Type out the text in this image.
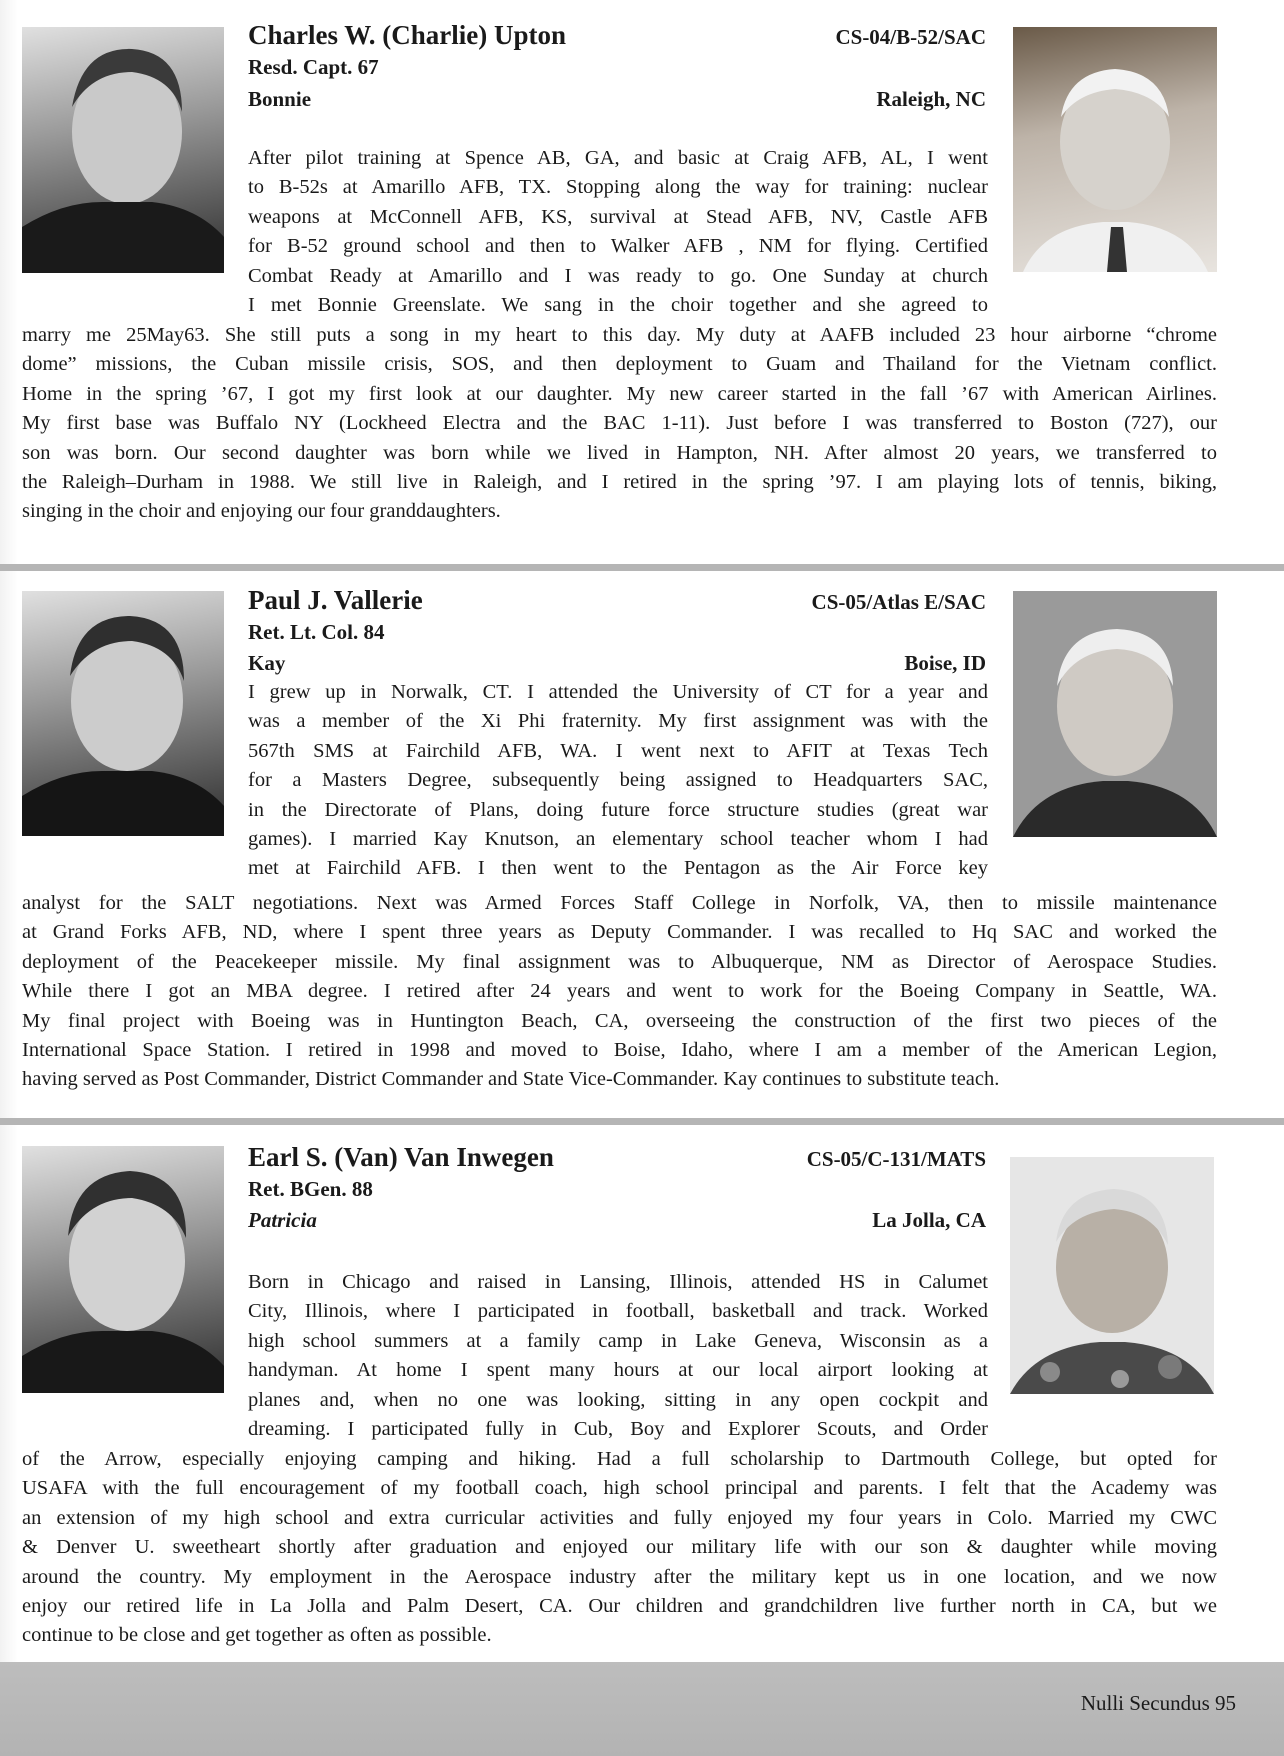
Charles W. (Charlie) Upton	CS-04/B-52/SAC
Resd. Capt. 67
Bonnie	Raleigh, NC
After pilot training at Spence AB, GA, and basic at Craig AFB, AL, I went
to B-52s at Amarillo AFB, TX. Stopping along the way for training: nuclear
weapons at McConnell AFB, KS, survival at Stead AFB, NV, Castle AFB
for B-52 ground school and then to Walker AFB , NM for flying. Certified
Combat Ready at Amarillo and I was ready to go. One Sunday at church
I met Bonnie Greenslate. We sang in the choir together and she agreed to
marry me 25May63. She still puts a song in my heart to this day. My duty at AAFB included 23 hour airborne “chrome
dome” missions, the Cuban missile crisis, SOS, and then deployment to Guam and Thailand for the Vietnam conflict.
Home in the spring ’67, I got my first look at our daughter. My new career started in the fall ’67 with American Airlines.
My first base was Buffalo NY (Lockheed Electra and the BAC 1-11). Just before I was transferred to Boston (727), our
son was born. Our second daughter was born while we lived in Hampton, NH. After almost 20 years, we transferred to
the Raleigh–Durham in 1988. We still live in Raleigh, and I retired in the spring ’97. I am playing lots of tennis, biking,
singing in the choir and enjoying our four granddaughters.
Paul J. Vallerie	CS-05/Atlas E/SAC
Ret. Lt. Col. 84
Kay	Boise, ID
I grew up in Norwalk, CT. I attended the University of CT for a year and
was a member of the Xi Phi fraternity. My first assignment was with the
567th SMS at Fairchild AFB, WA. I went next to AFIT at Texas Tech
for a Masters Degree, subsequently being assigned to Headquarters SAC,
in the Directorate of Plans, doing future force structure studies (great war
games). I married Kay Knutson, an elementary school teacher whom I had
met at Fairchild AFB. I then went to the Pentagon as the Air Force key
analyst for the SALT negotiations. Next was Armed Forces Staff College in Norfolk, VA, then to missile maintenance
at Grand Forks AFB, ND, where I spent three years as Deputy Commander. I was recalled to Hq SAC and worked the
deployment of the Peacekeeper missile. My final assignment was to Albuquerque, NM as Director of Aerospace Studies.
While there I got an MBA degree. I retired after 24 years and went to work for the Boeing Company in Seattle, WA.
My final project with Boeing was in Huntington Beach, CA, overseeing the construction of the first two pieces of the
International Space Station. I retired in 1998 and moved to Boise, Idaho, where I am a member of the American Legion,
having served as Post Commander, District Commander and State Vice-Commander. Kay continues to substitute teach.
Earl S. (Van) Van Inwegen	CS-05/C-131/MATS
Ret. BGen. 88
Patricia	La Jolla, CA
Born in Chicago and raised in Lansing, Illinois, attended HS in Calumet
City, Illinois, where I participated in football, basketball and track. Worked
high school summers at a family camp in Lake Geneva, Wisconsin as a
handyman. At home I spent many hours at our local airport looking at
planes and, when no one was looking, sitting in any open cockpit and
dreaming. I participated fully in Cub, Boy and Explorer Scouts, and Order
of the Arrow, especially enjoying camping and hiking. Had a full scholarship to Dartmouth College, but opted for
USAFA with the full encouragement of my football coach, high school principal and parents. I felt that the Academy was
an extension of my high school and extra curricular activities and fully enjoyed my four years in Colo. Married my CWC
& Denver U. sweetheart shortly after graduation and enjoyed our military life with our son & daughter while moving
around the country. My employment in the Aerospace industry after the military kept us in one location, and we now
enjoy our retired life in La Jolla and Palm Desert, CA. Our children and grandchildren live further north in CA, but we
continue to be close and get together as often as possible.
Nulli Secundus 95
